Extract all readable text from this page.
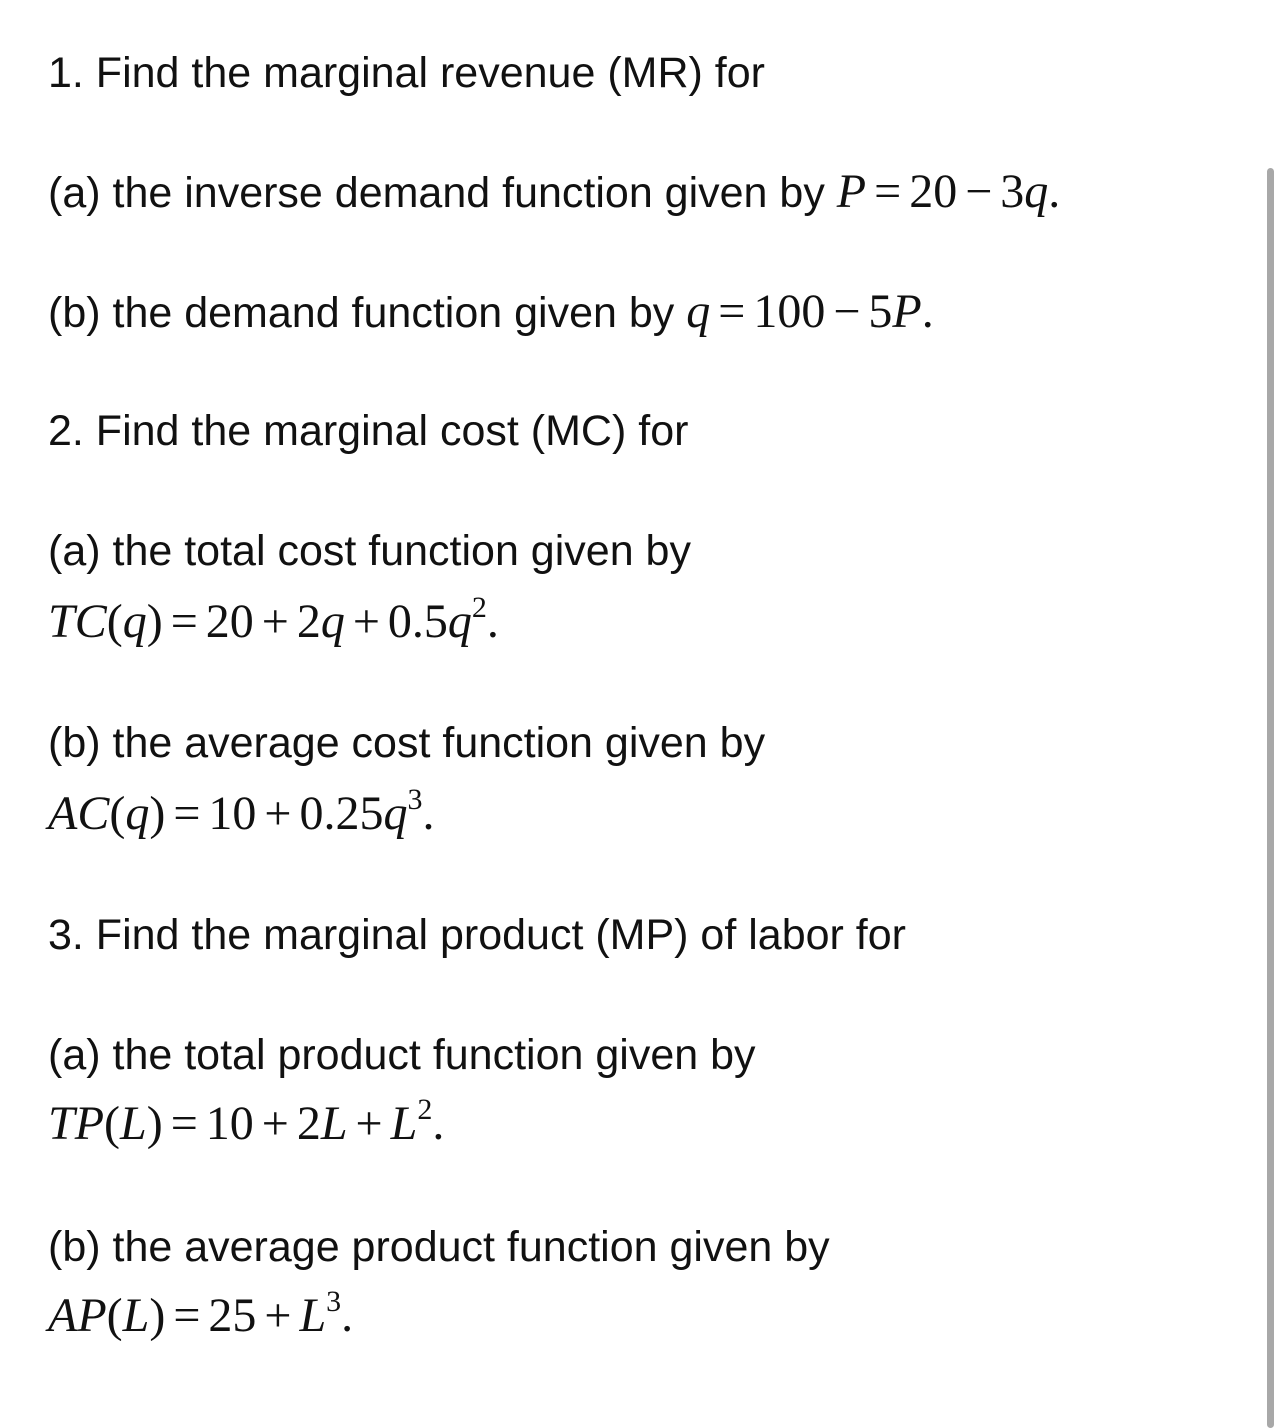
1. Find the marginal revenue (MR) for
(a) the inverse demand function given by P = 20 − 3q.
(b) the demand function given by q = 100 − 5P.
2. Find the marginal cost (MC) for
(a) the total cost function given by
$TC(q) = 20 + 2q + 0.5q^2$.
(b) the average cost function given by
$AC(q) = 10 + 0.25q^3$.
3. Find the marginal product (MP) of labor for
(a) the total product function given by
$TP(L) = 10 + 2L + L^2$.
(b) the average product function given by
$AP(L) = 25 + L^3$.
